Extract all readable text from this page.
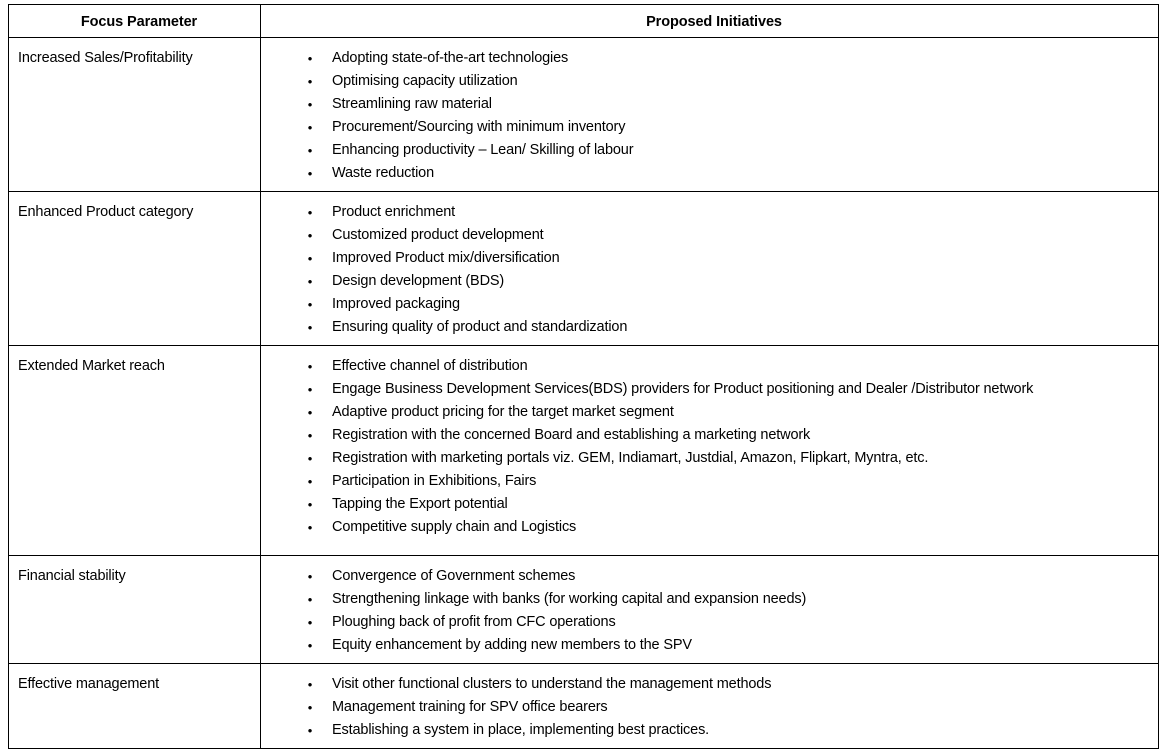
Focus Parameter	Proposed Initiatives

Increased Sales/Profitability	• Adopting state-of-the-art technologies
• Optimising capacity utilization
• Streamlining raw material
• Procurement/Sourcing with minimum inventory
• Enhancing productivity – Lean/ Skilling of labour
• Waste reduction

Enhanced Product category	• Product enrichment
• Customized product development
• Improved Product mix/diversification
• Design development (BDS)
• Improved packaging
• Ensuring quality of product and standardization

Extended Market reach	• Effective channel of distribution
• Engage Business Development Services(BDS) providers for Product positioning and Dealer /Distributor network
• Adaptive product pricing for the target market segment
• Registration with the concerned Board and establishing a marketing network
• Registration with marketing portals viz. GEM, Indiamart, Justdial, Amazon, Flipkart, Myntra, etc.
• Participation in Exhibitions, Fairs
• Tapping the Export potential
• Competitive supply chain and Logistics

Financial stability	• Convergence of Government schemes
• Strengthening linkage with banks (for working capital and expansion needs)
• Ploughing back of profit from CFC operations
• Equity enhancement by adding new members to the SPV

Effective management	• Visit other functional clusters to understand the management methods
• Management training for SPV office bearers
• Establishing a system in place, implementing best practices.
